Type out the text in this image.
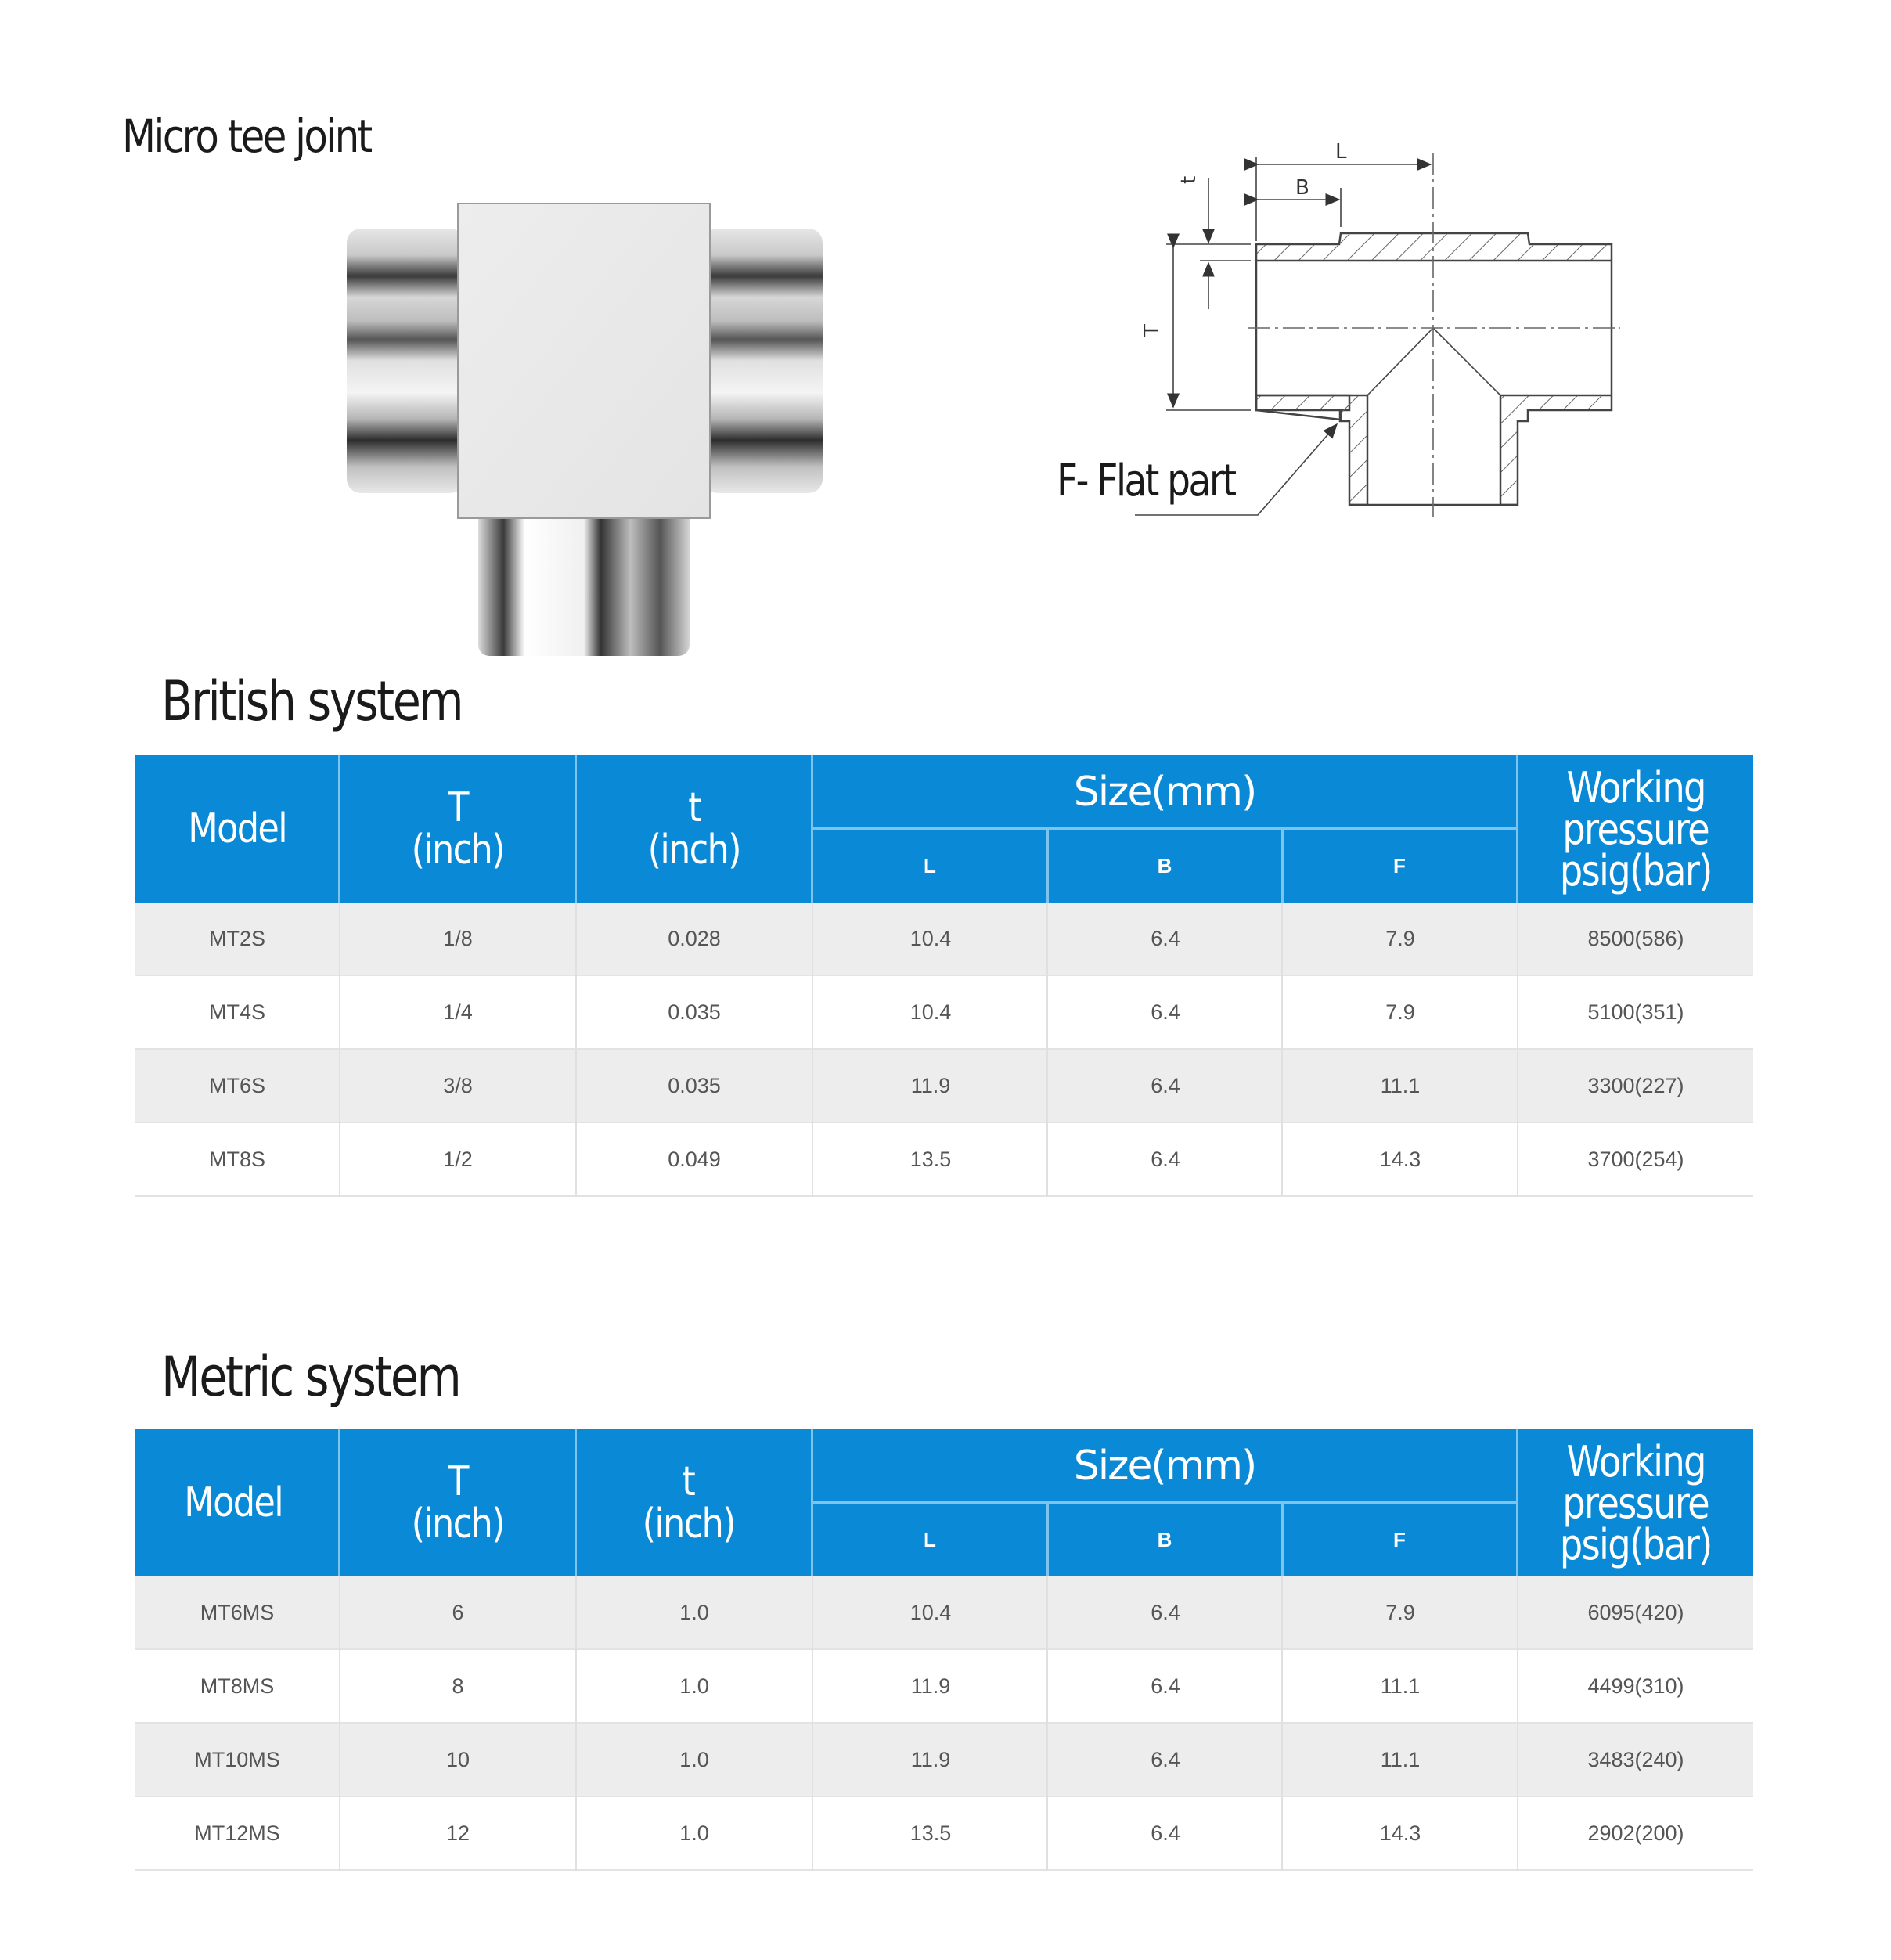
Micro tee joint	L
B
t
T
F- Flat part
British system
Model	T
(inch)
t
(inch)
Size(mm)
L	B	F
Working
pressure
psig(bar)
MT2S	1/8	0.028	10.4	6.4	7.9	8500(586)
MT4S	1/4	0.035	10.4	6.4	7.9	5100(351)
MT6S	3/8	0.035	11.9	6.4	11.1	3300(227)
MT8S	1/2	0.049	13.5	6.4	14.3	3700(254)
Metric system
Model	T
(inch)
t
(inch)
Size(mm)
L	B	F
Working
pressure
psig(bar)
MT6MS	6	1.0	10.4	6.4	7.9	6095(420)
MT8MS	8	1.0	11.9	6.4	11.1	4499(310)
MT10MS	10	1.0	11.9	6.4	11.1	3483(240)
MT12MS	12	1.0	13.5	6.4	14.3	2902(200)
